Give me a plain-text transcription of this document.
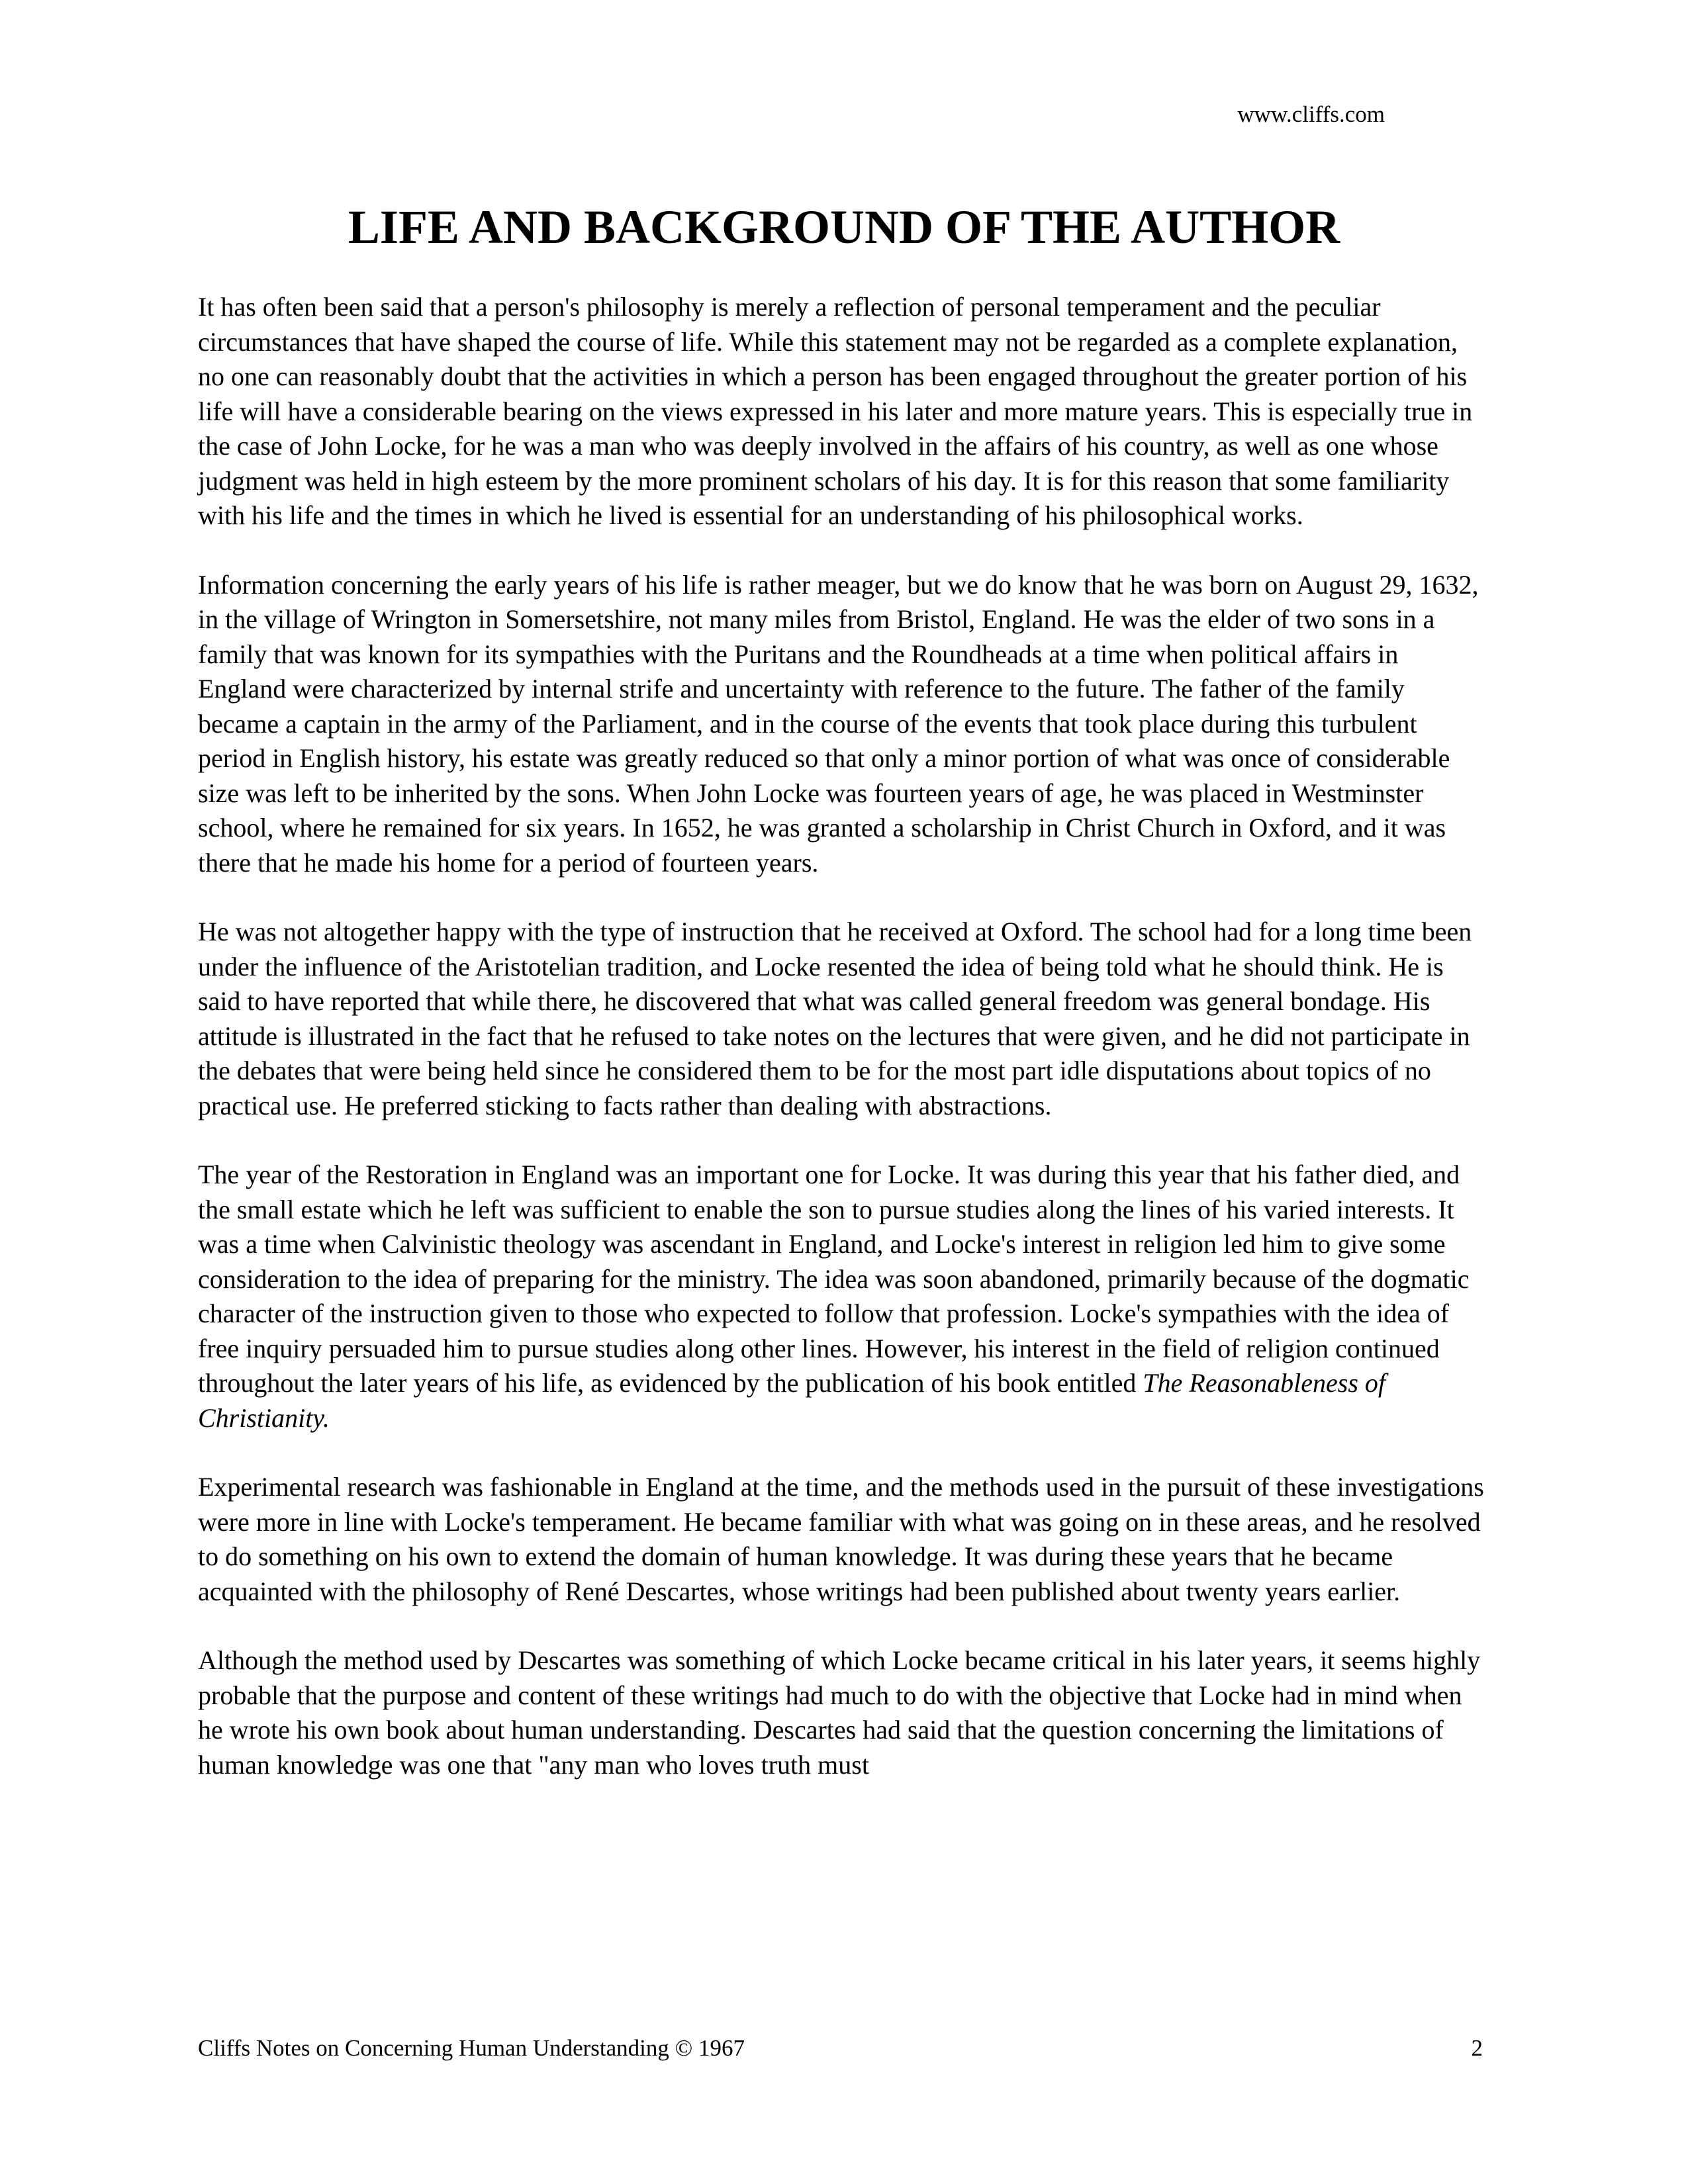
www.cliffs.com
LIFE AND BACKGROUND OF THE AUTHOR

It has often been said that a person's philosophy is merely a reflection of personal temperament and the peculiar circumstances that have shaped the course of life. While this statement may not be regarded as a complete explanation, no one can reasonably doubt that the activities in which a person has been engaged throughout the greater portion of his life will have a considerable bearing on the views expressed in his later and more mature years. This is especially true in the case of John Locke, for he was a man who was deeply involved in the affairs of his country, as well as one whose judgment was held in high esteem by the more prominent scholars of his day. It is for this reason that some familiarity with his life and the times in which he lived is essential for an understanding of his philosophical works.

Information concerning the early years of his life is rather meager, but we do know that he was born on August 29, 1632, in the village of Wrington in Somersetshire, not many miles from Bristol, England. He was the elder of two sons in a family that was known for its sympathies with the Puritans and the Roundheads at a time when political affairs in England were characterized by internal strife and uncertainty with reference to the future. The father of the family became a captain in the army of the Parliament, and in the course of the events that took place during this turbulent period in English history, his estate was greatly reduced so that only a minor portion of what was once of considerable size was left to be inherited by the sons. When John Locke was fourteen years of age, he was placed in Westminster school, where he remained for six years. In 1652, he was granted a scholarship in Christ Church in Oxford, and it was there that he made his home for a period of fourteen years.

He was not altogether happy with the type of instruction that he received at Oxford. The school had for a long time been under the influence of the Aristotelian tradition, and Locke resented the idea of being told what he should think. He is said to have reported that while there, he discovered that what was called general freedom was general bondage. His attitude is illustrated in the fact that he refused to take notes on the lectures that were given, and he did not participate in the debates that were being held since he considered them to be for the most part idle disputations about topics of no practical use. He preferred sticking to facts rather than dealing with abstractions.

The year of the Restoration in England was an important one for Locke. It was during this year that his father died, and the small estate which he left was sufficient to enable the son to pursue studies along the lines of his varied interests. It was a time when Calvinistic theology was ascendant in England, and Locke's interest in religion led him to give some consideration to the idea of preparing for the ministry. The idea was soon abandoned, primarily because of the dogmatic character of the instruction given to those who expected to follow that profession. Locke's sympathies with the idea of free inquiry persuaded him to pursue studies along other lines. However, his interest in the field of religion continued throughout the later years of his life, as evidenced by the publication of his book entitled The Reasonableness of Christianity.

Experimental research was fashionable in England at the time, and the methods used in the pursuit of these investigations were more in line with Locke's temperament. He became familiar with what was going on in these areas, and he resolved to do something on his own to extend the domain of human knowledge. It was during these years that he became acquainted with the philosophy of René Descartes, whose writings had been published about twenty years earlier.

Although the method used by Descartes was something of which Locke became critical in his later years, it seems highly probable that the purpose and content of these writings had much to do with the objective that Locke had in mind when he wrote his own book about human understanding. Descartes had said that the question concerning the limitations of human knowledge was one that "any man who loves truth must

Cliffs Notes on Concerning Human Understanding © 1967	2
